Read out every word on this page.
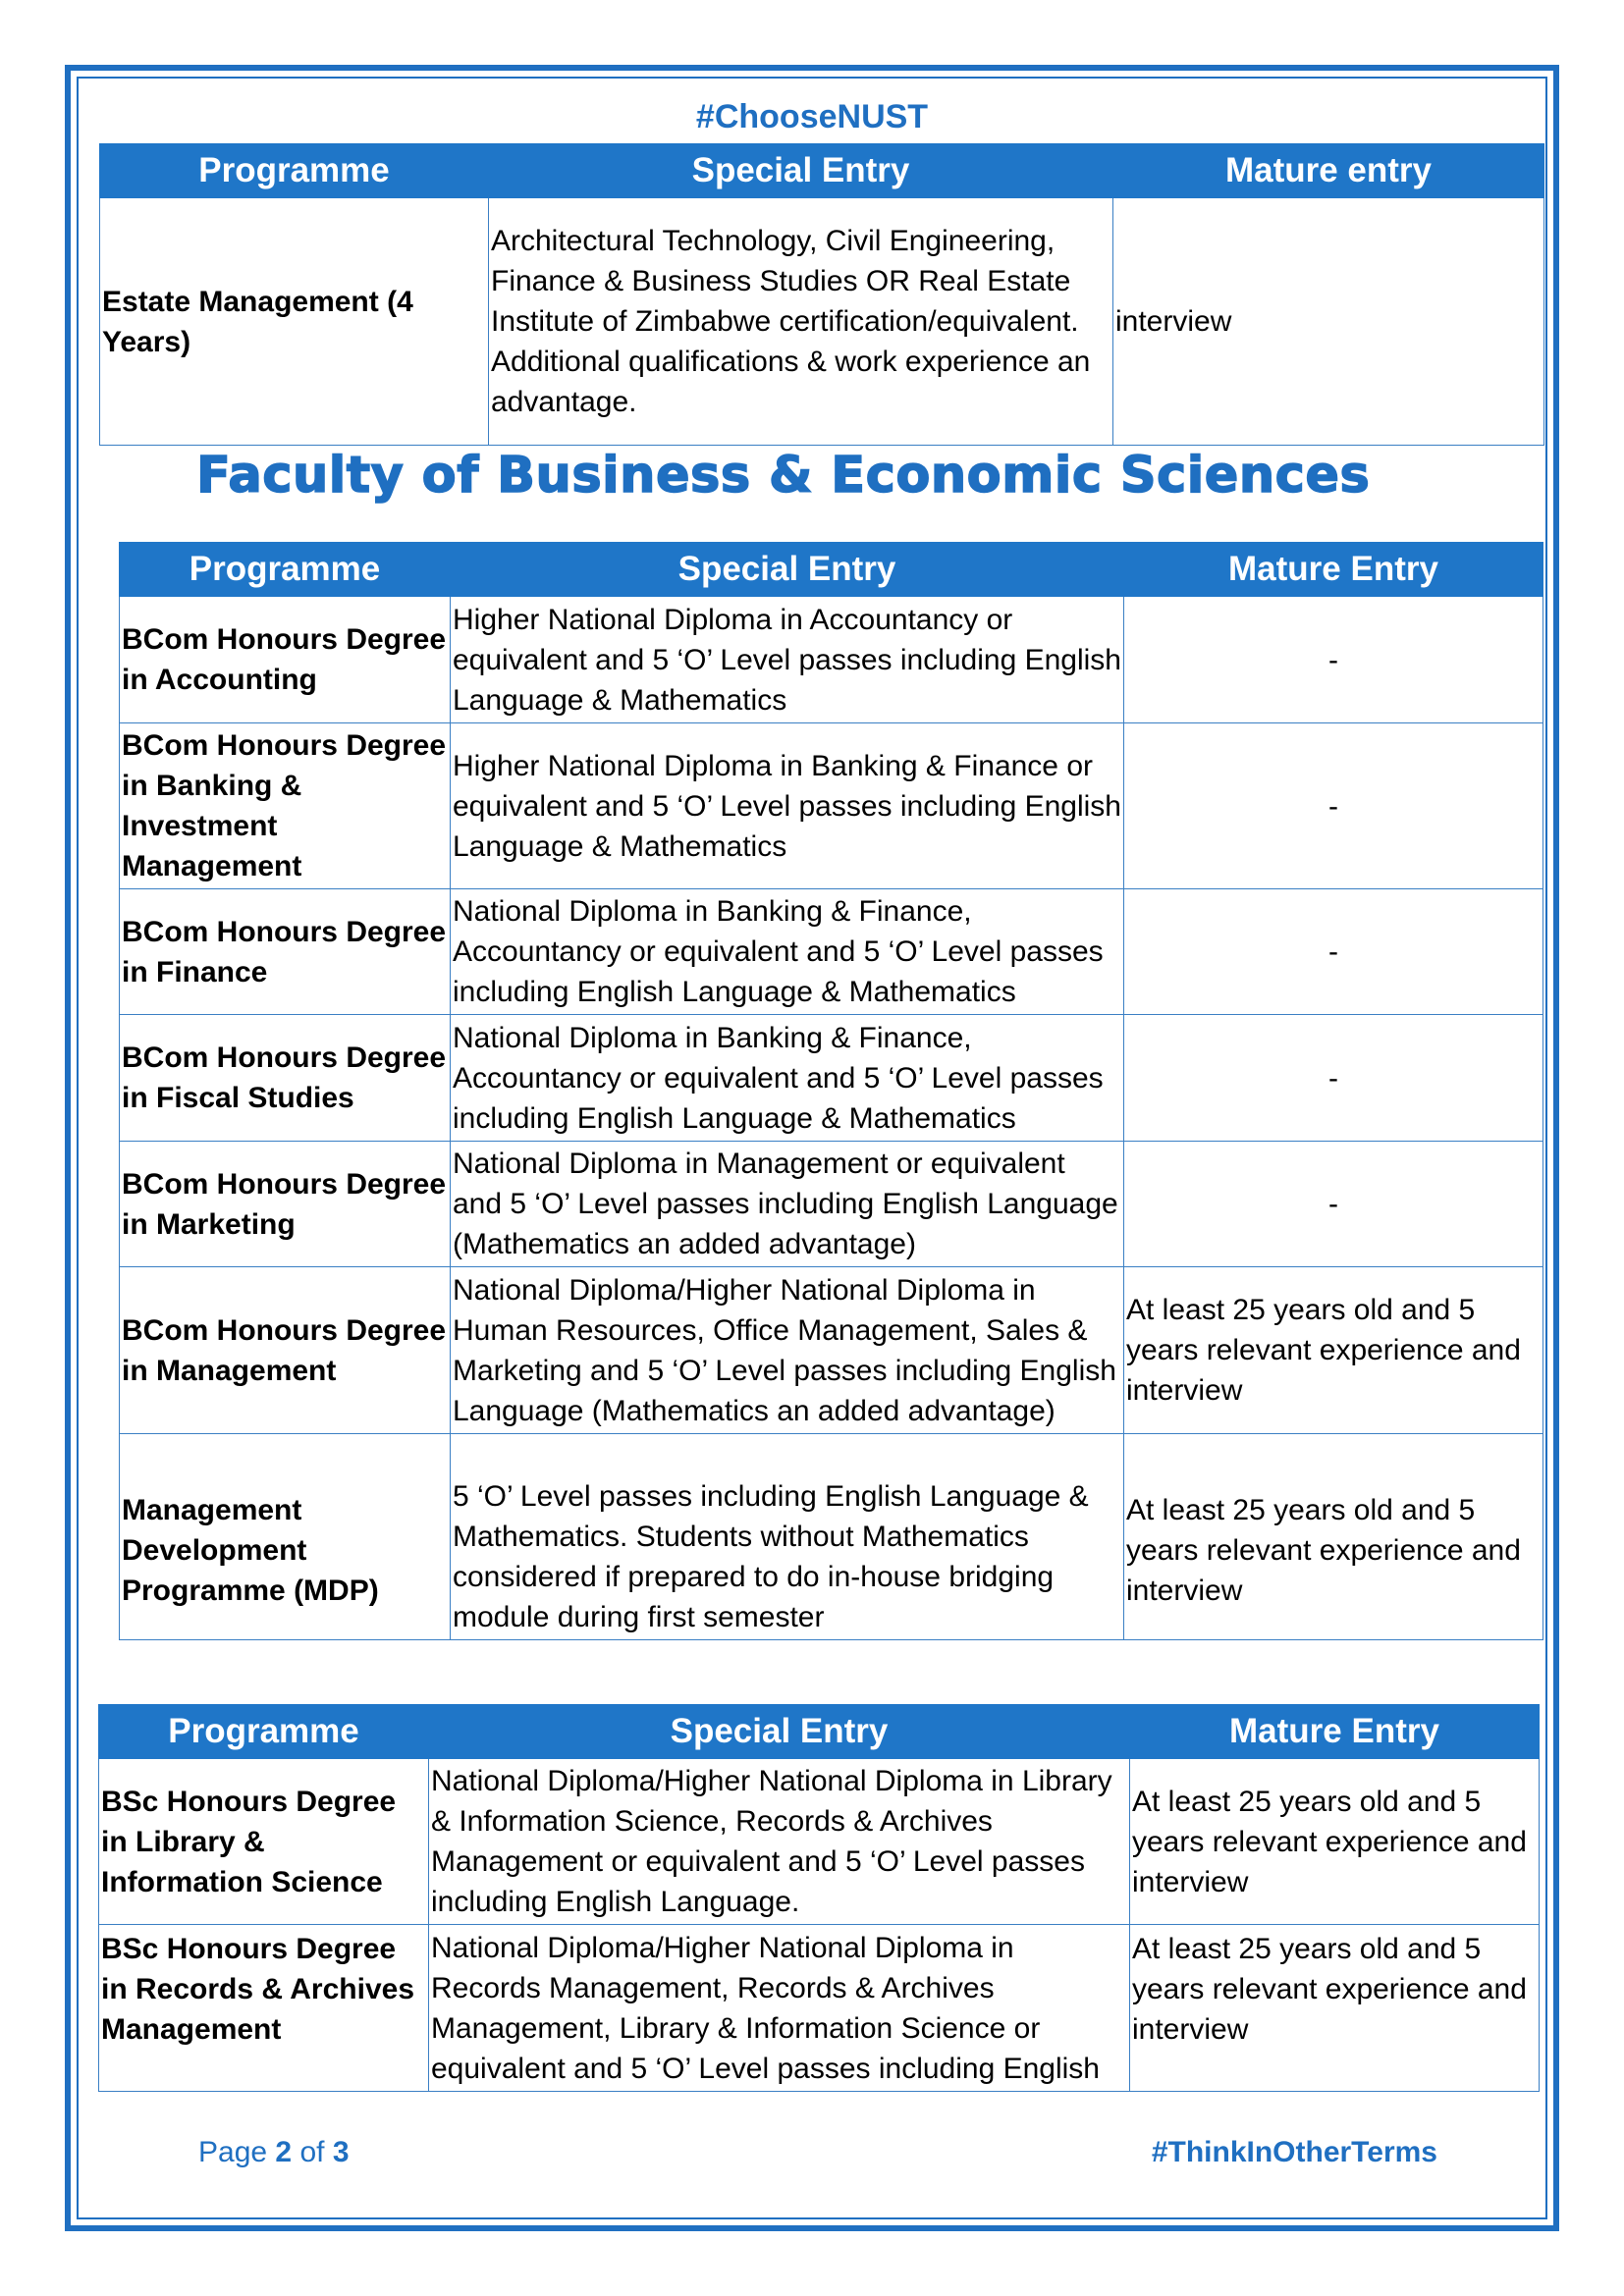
#ChooseNUST
Programme	Special Entry	Mature entry
Estate Management (4 Years)	Architectural Technology, Civil Engineering, Finance & Business Studies OR Real Estate Institute of Zimbabwe certification/equivalent. Additional qualifications & work experience an advantage.	interview
Faculty of Business & Economic Sciences
Programme	Special Entry	Mature Entry
BCom Honours Degree in Accounting	Higher National Diploma in Accountancy or equivalent and 5 ‘O’ Level passes including English Language & Mathematics	-
BCom Honours Degree in Banking & Investment Management	Higher National Diploma in Banking & Finance or equivalent and 5 ‘O’ Level passes including English Language & Mathematics	-
BCom Honours Degree in Finance	National Diploma in Banking & Finance, Accountancy or equivalent and 5 ‘O’ Level passes including English Language & Mathematics	-
BCom Honours Degree in Fiscal Studies	National Diploma in Banking & Finance, Accountancy or equivalent and 5 ‘O’ Level passes including English Language & Mathematics	-
BCom Honours Degree in Marketing	National Diploma in Management or equivalent and 5 ‘O’ Level passes including English Language (Mathematics an added advantage)	-
BCom Honours Degree in Management	National Diploma/Higher National Diploma in Human Resources, Office Management, Sales & Marketing and 5 ‘O’ Level passes including English Language (Mathematics an added advantage)	At least 25 years old and 5 years relevant experience and interview
Management Development Programme (MDP)	5 ‘O’ Level passes including English Language & Mathematics. Students without Mathematics considered if prepared to do in-house bridging module during first semester	At least 25 years old and 5 years relevant experience and interview
Programme	Special Entry	Mature Entry
BSc Honours Degree in Library & Information Science	National Diploma/Higher National Diploma in Library & Information Science, Records & Archives Management or equivalent and 5 ‘O’ Level passes including English Language.	At least 25 years old and 5 years relevant experience and interview
BSc Honours Degree in Records & Archives Management	National Diploma/Higher National Diploma in Records Management, Records & Archives Management, Library & Information Science or equivalent and 5 ‘O’ Level passes including English	At least 25 years old and 5 years relevant experience and interview
Page 2 of 3	#ThinkInOtherTerms
